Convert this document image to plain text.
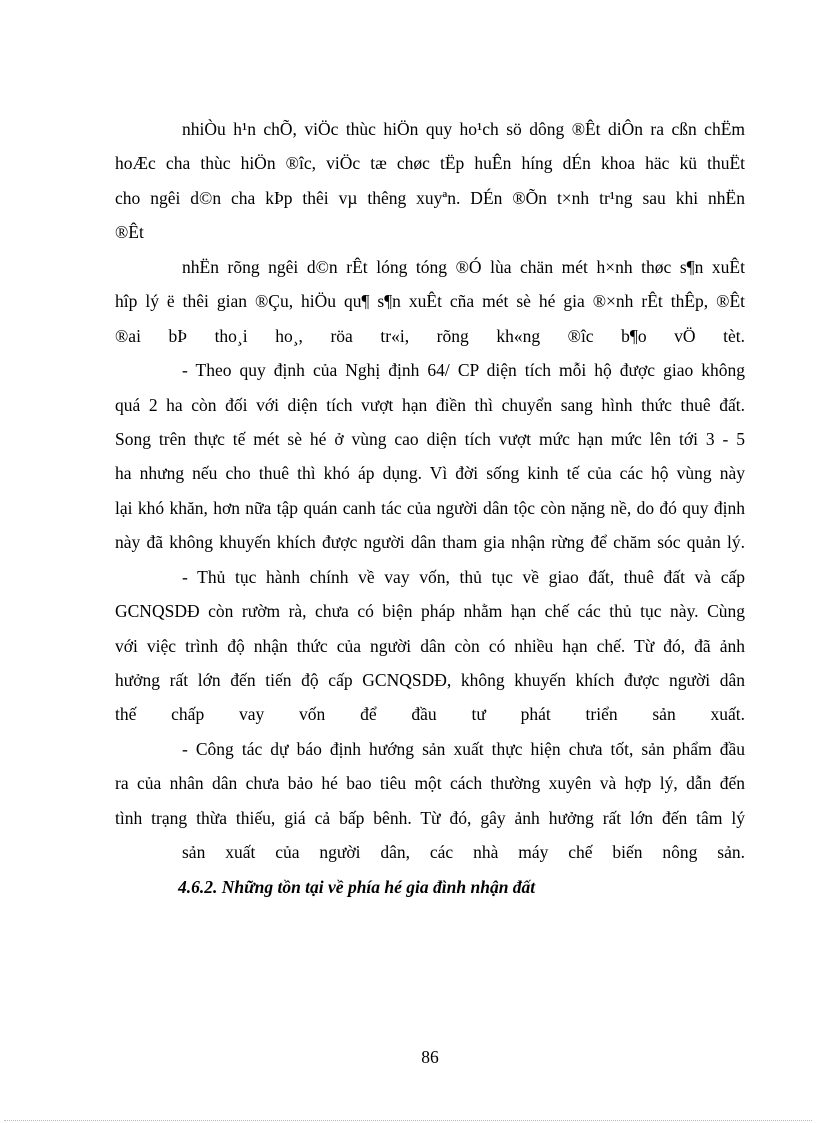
nhiÒu h¹n chÕ, viÖc thùc hiÖn quy ho¹ch sö dông ®Êt diÔn ra cßn chËm
hoÆc cha thùc hiÖn ®îc, viÖc tæ chøc tËp huÊn híng dÉn khoa häc kü thuËt
cho ngêi d©n cha kÞp thêi vµ thêng xuyªn. DÉn ®Õn t×nh tr¹ng sau khi nhËn
®Êt
nhËn rõng ngêi d©n rÊt lóng tóng ®Ó lùa chän mét h×nh thøc s¶n xuÊt
hîp lý ë thêi gian ®Çu, hiÖu qu¶ s¶n xuÊt cña mét sè hé gia ®×nh rÊt thÊp, ®Êt
®ai bÞ tho¸i ho¸, röa tr«i, rõng kh«ng ®îc b¶o vÖ tèt.
- Theo quy định của Nghị định 64/ CP diện tích mỗi hộ được giao không
quá 2 ha còn đối với diện tích vượt hạn điền thì chuyển sang hình thức thuê đất.
Song trên thực tế mét sè hé ở vùng cao diện tích vượt mức hạn mức lên tới 3 - 5
ha nhưng nếu cho thuê thì khó áp dụng. Vì đời sống kinh tế của các hộ vùng này
lại khó khăn, hơn nữa tập quán canh tác của người dân tộc còn nặng nề, do đó quy định
này đã không khuyến khích được người dân tham gia nhận rừng để chăm sóc quản lý.
- Thủ tục hành chính về vay vốn, thủ tục về giao đất, thuê đất và cấp
GCNQSDĐ còn rườm rà, chưa có biện pháp nhằm hạn chế các thủ tục này. Cùng
với việc trình độ nhận thức của người dân còn có nhiều hạn chế. Từ đó, đã ảnh
hưởng rất lớn đến tiến độ cấp GCNQSDĐ, không khuyến khích được người dân
thế chấp vay vốn để đầu tư phát triển sản xuất.
- Công tác dự báo định hướng sản xuất thực hiện chưa tốt, sản phẩm đầu
ra của nhân dân chưa bảo hé bao tiêu một cách thường xuyên và hợp lý, dẫn đến
tình trạng thừa thiếu, giá cả bấp bênh. Từ đó, gây ảnh hưởng rất lớn đến tâm lý
sản xuất của người dân, các nhà máy chế biến nông sản.
4.6.2. Những tồn tại về phía hé gia đình nhận đất
86
